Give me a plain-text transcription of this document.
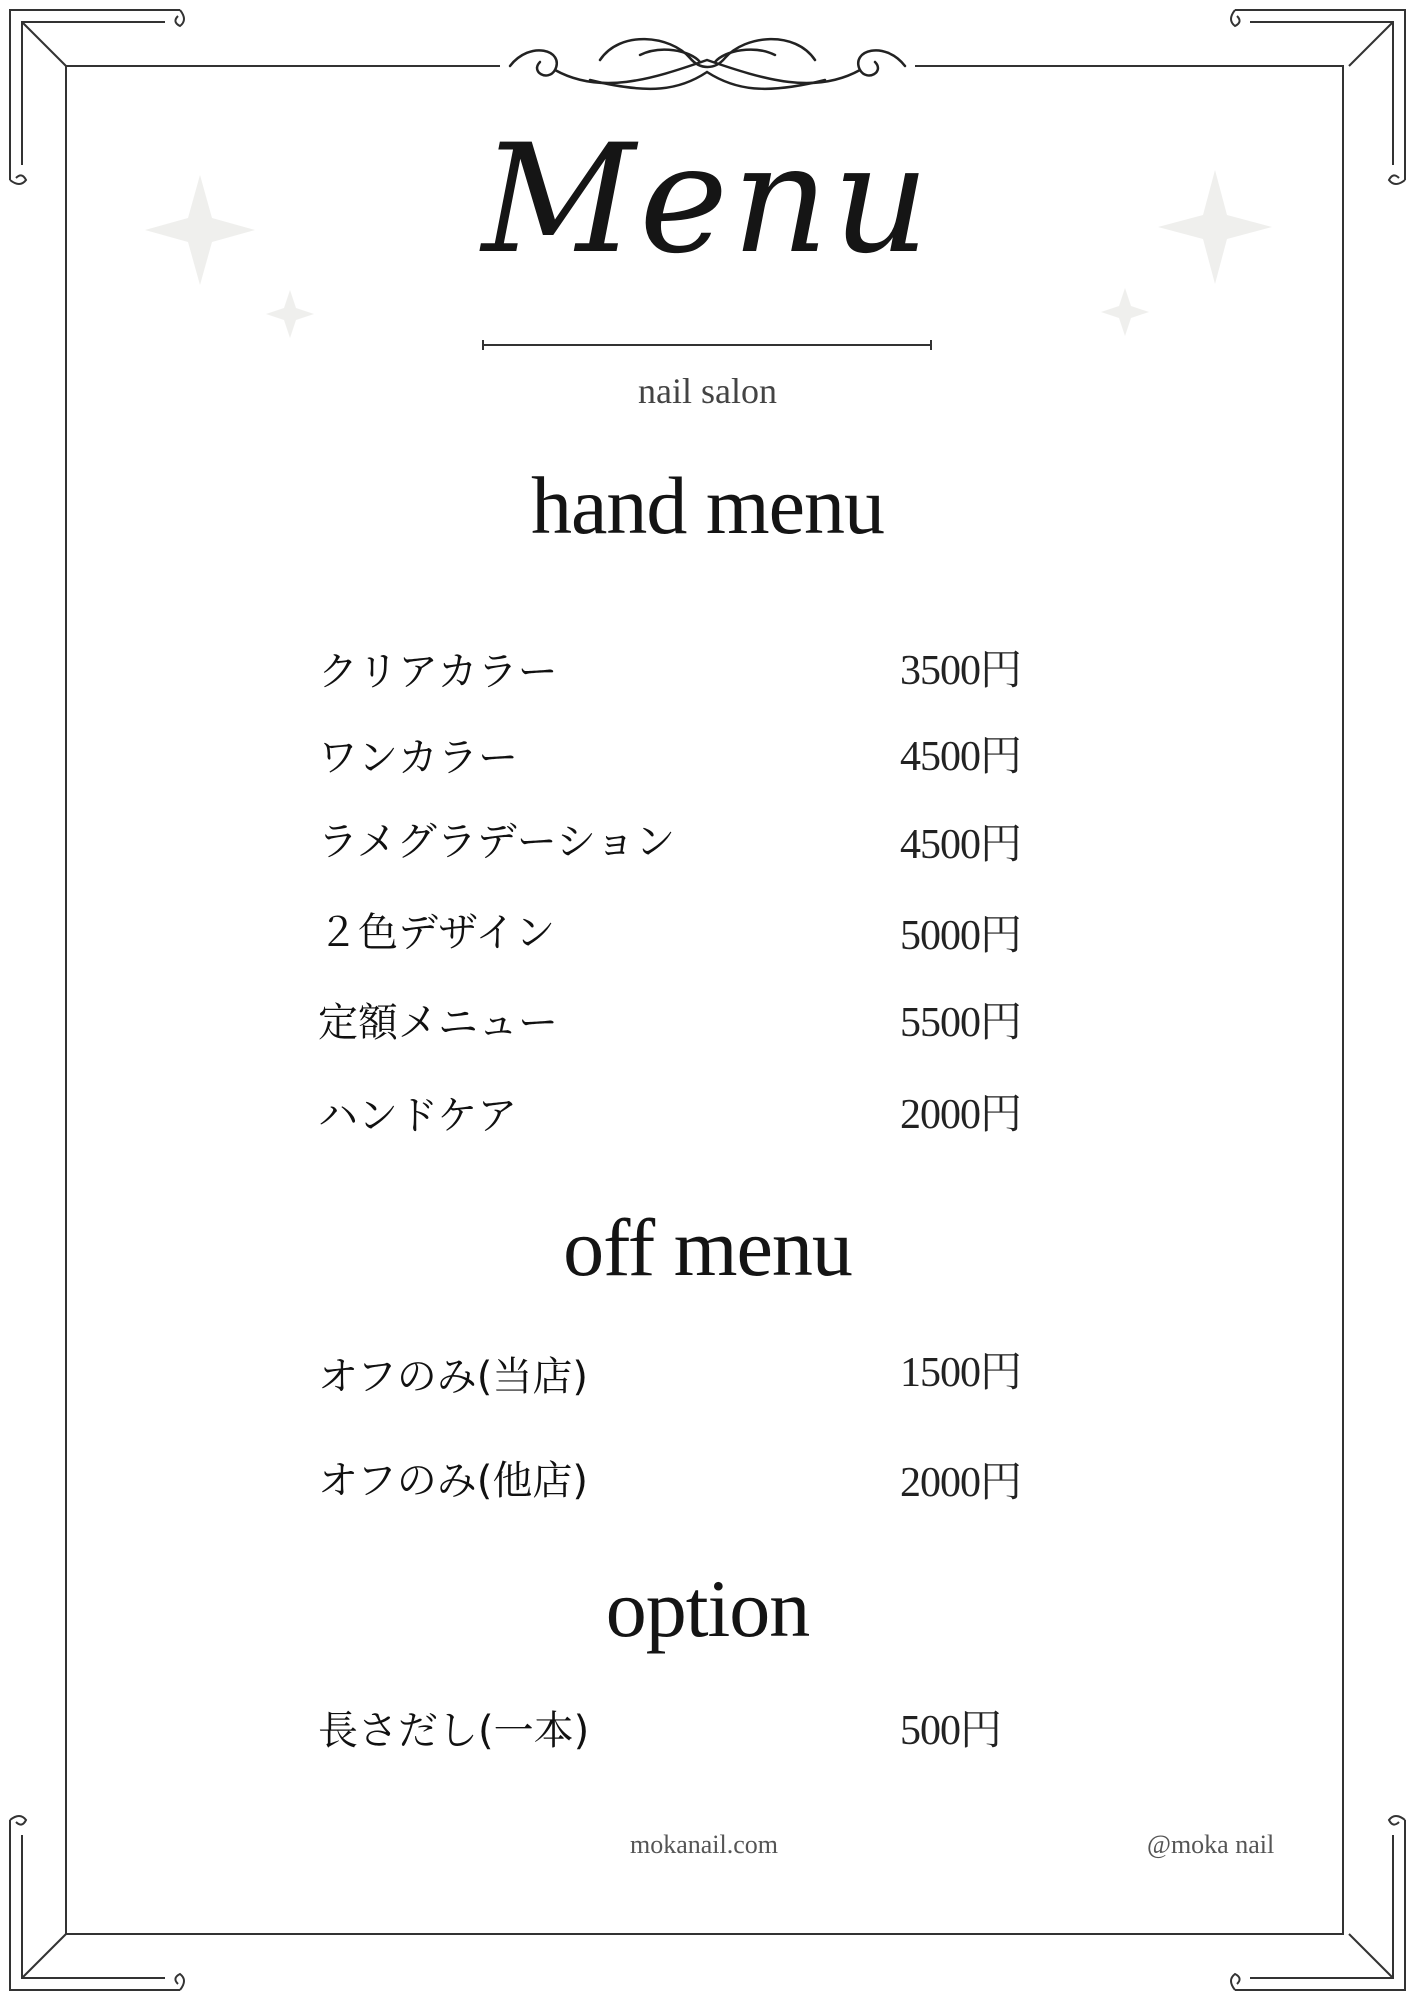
Menu
nail salon
hand menu
クリアカラー	3500円
ワンカラー	4500円
ラメグラデーション	4500円
２色デザイン	5000円
定額メニュー	5500円
ハンドケア	2000円
off menu
オフのみ(当店)	1500円
オフのみ(他店)	2000円
option
長さだし(一本)	500円
mokanail.com	@moka nail
